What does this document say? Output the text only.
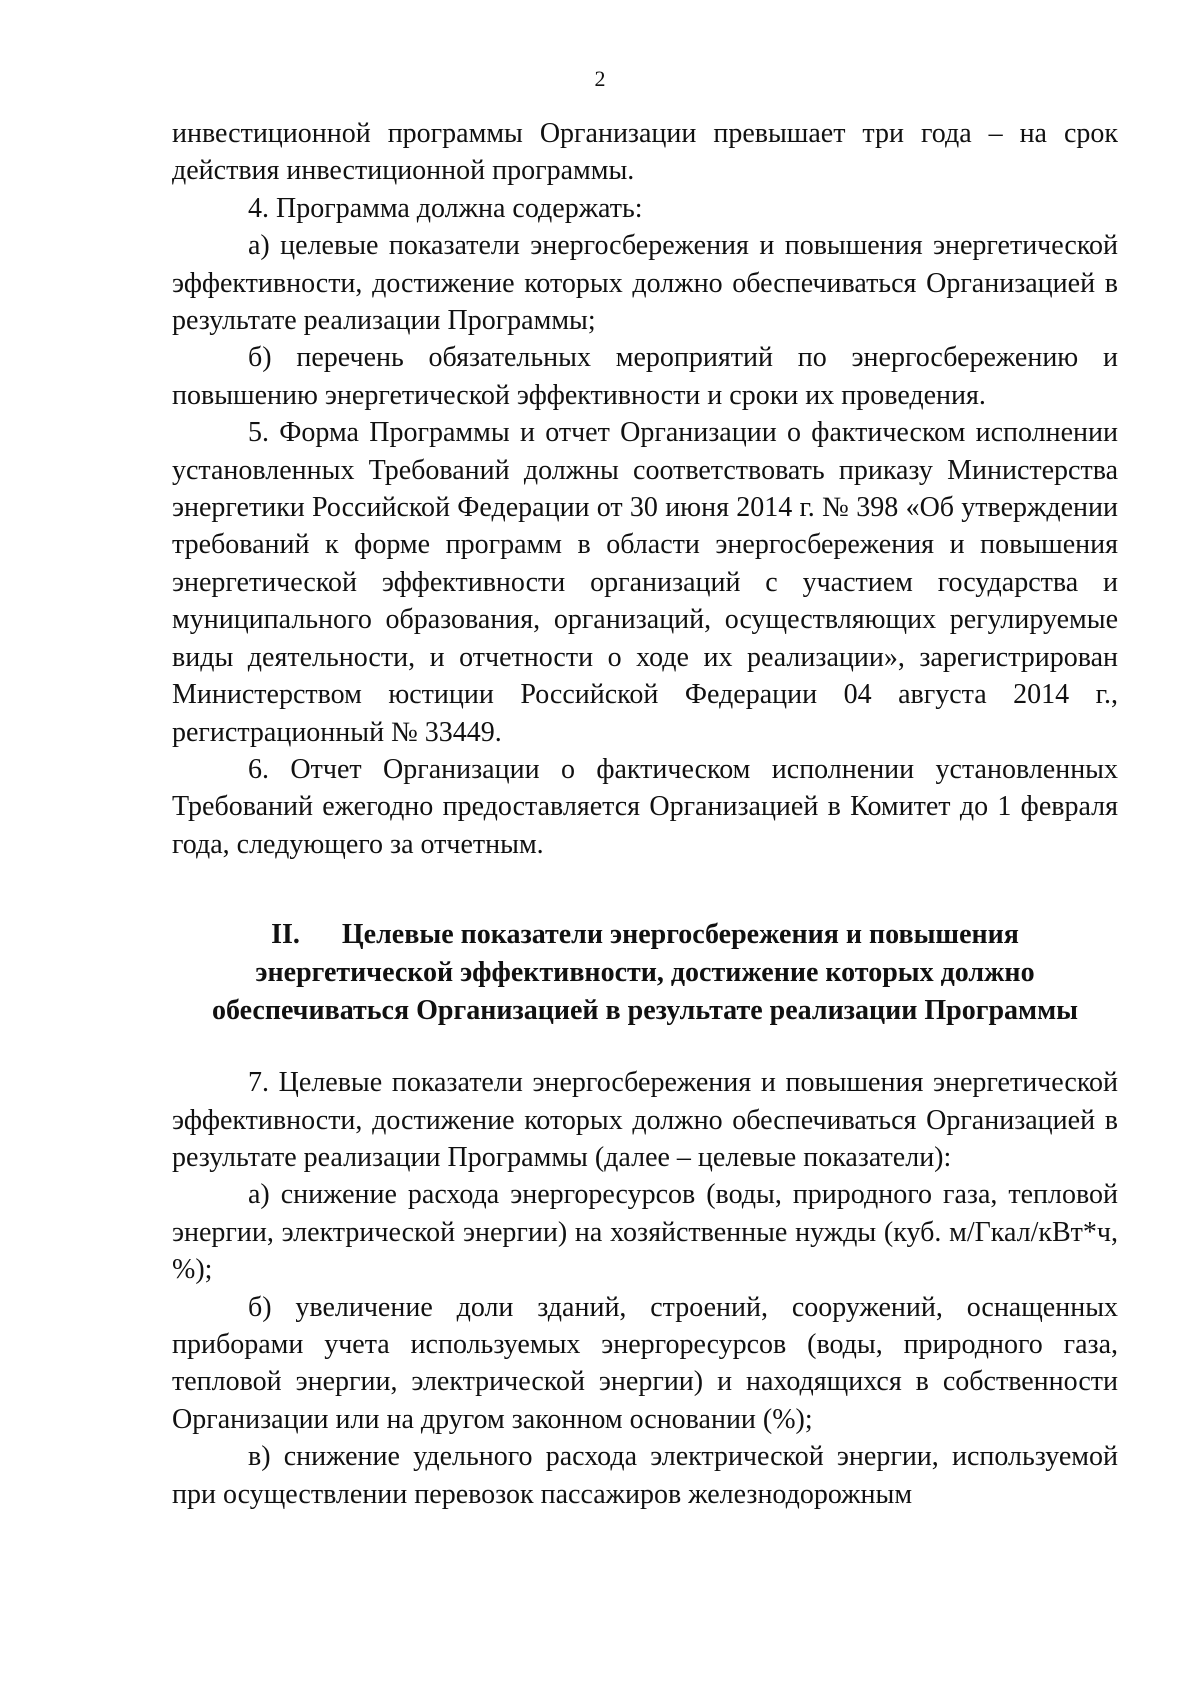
2

инвестиционной программы Организации превышает три года – на срок действия инвестиционной программы.

4. Программа должна содержать:

а) целевые показатели энергосбережения и повышения энергетической эффективности, достижение которых должно обеспечиваться Организацией в результате реализации Программы;

б) перечень обязательных мероприятий по энергосбережению и повышению энергетической эффективности и сроки их проведения.

5. Форма Программы и отчет Организации о фактическом исполнении установленных Требований должны соответствовать приказу Министерства энергетики Российской Федерации от 30 июня 2014 г. № 398 «Об утверждении требований к форме программ в области энергосбережения и повышения энергетической эффективности организаций с участием государства и муниципального образования, организаций, осуществляющих регулируемые виды деятельности, и отчетности о ходе их реализации», зарегистрирован Министерством юстиции Российской Федерации 04 августа 2014 г., регистрационный № 33449.

6. Отчет Организации о фактическом исполнении установленных Требований ежегодно предоставляется Организацией в Комитет до 1 февраля года, следующего за отчетным.

II. Целевые показатели энергосбережения и повышения
энергетической эффективности, достижение которых должно
обеспечиваться Организацией в результате реализации Программы

7. Целевые показатели энергосбережения и повышения энергетической эффективности, достижение которых должно обеспечиваться Организацией в результате реализации Программы (далее – целевые показатели):

а) снижение расхода энергоресурсов (воды, природного газа, тепловой энергии, электрической энергии) на хозяйственные нужды (куб. м/Гкал/кВт*ч, %);

б) увеличение доли зданий, строений, сооружений, оснащенных приборами учета используемых энергоресурсов (воды, природного газа, тепловой энергии, электрической энергии) и находящихся в собственности Организации или на другом законном основании (%);

в) снижение удельного расхода электрической энергии, используемой при осуществлении перевозок пассажиров железнодорожным
